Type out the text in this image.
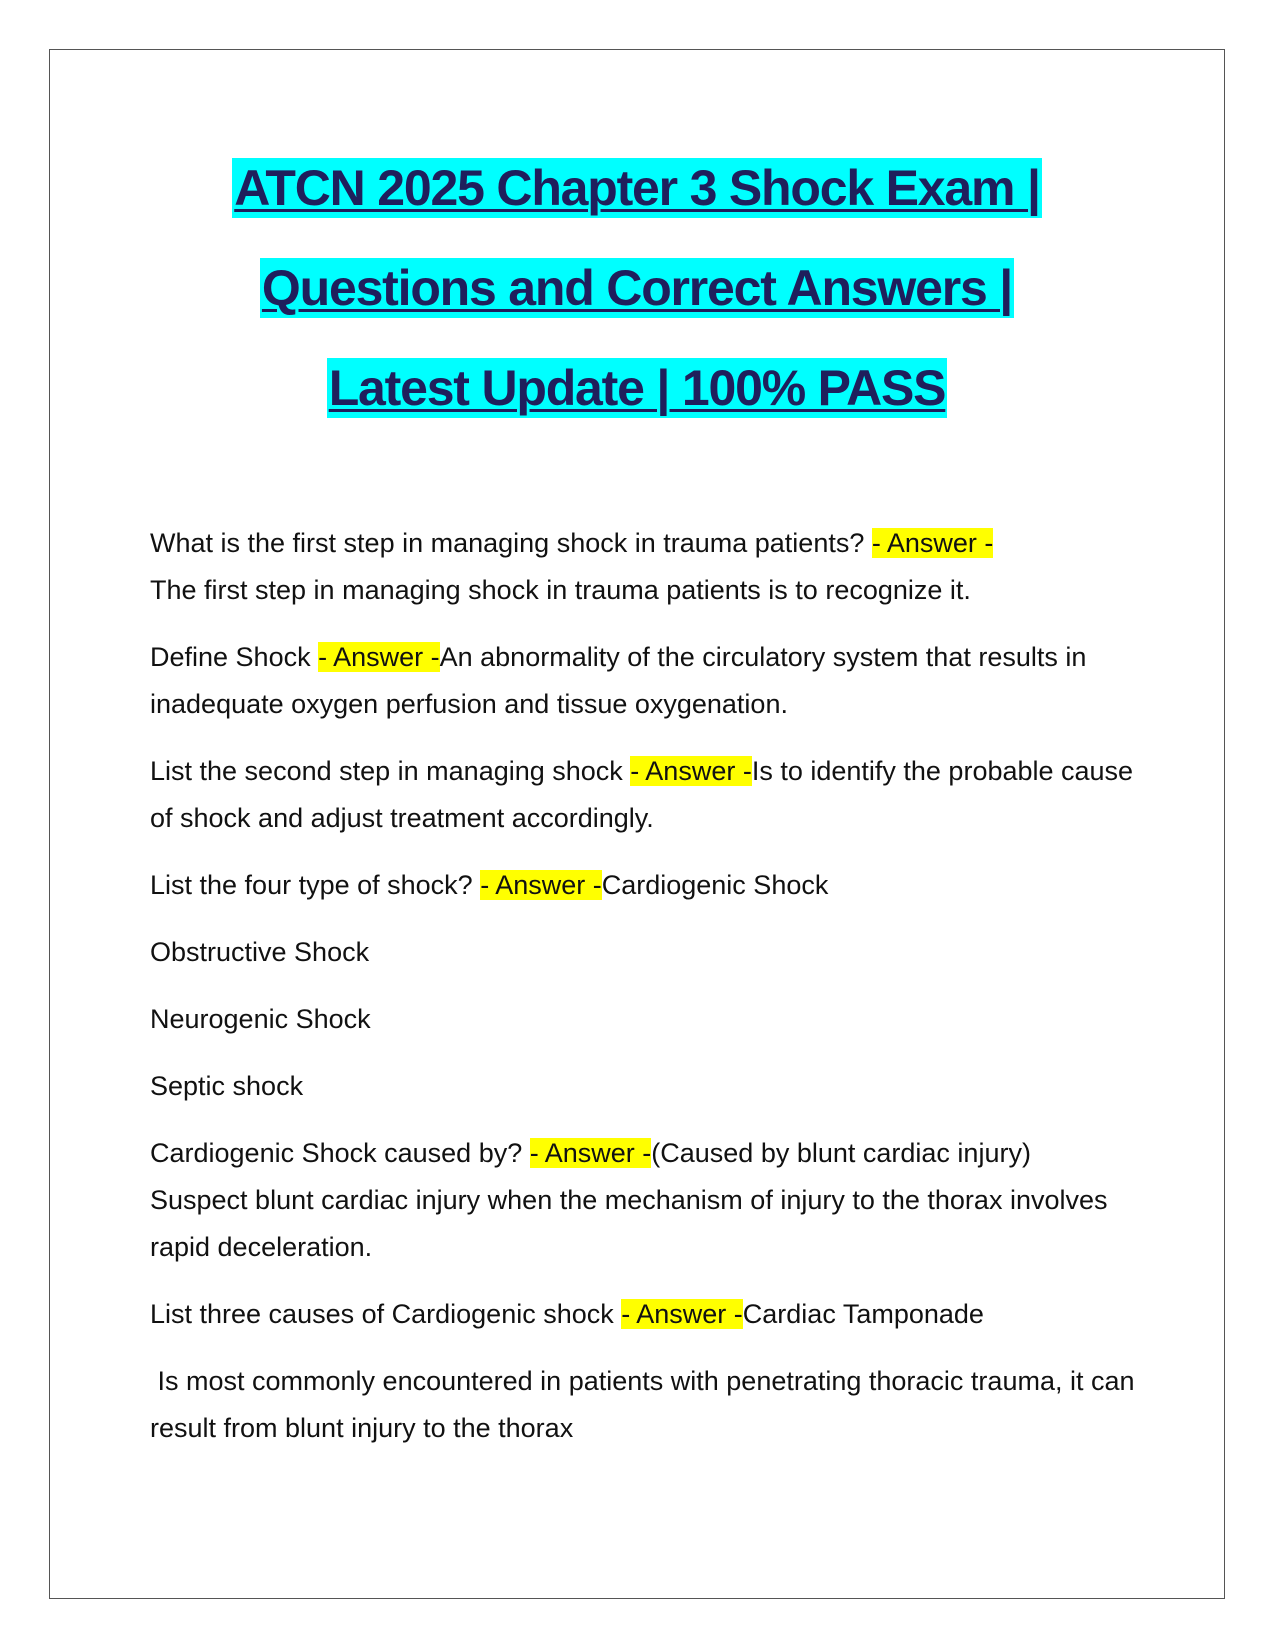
ATCN 2025 Chapter 3 Shock Exam |
Questions and Correct Answers |
Latest Update | 100% PASS

What is the first step in managing shock in trauma patients? - Answer -
The first step in managing shock in trauma patients is to recognize it.

Define Shock - Answer -An abnormality of the circulatory system that results in inadequate oxygen perfusion and tissue oxygenation.

List the second step in managing shock - Answer -Is to identify the probable cause of shock and adjust treatment accordingly.

List the four type of shock? - Answer -Cardiogenic Shock

Obstructive Shock

Neurogenic Shock

Septic shock

Cardiogenic Shock caused by? - Answer -(Caused by blunt cardiac injury)
Suspect blunt cardiac injury when the mechanism of injury to the thorax involves rapid deceleration.

List three causes of Cardiogenic shock - Answer -Cardiac Tamponade

Is most commonly encountered in patients with penetrating thoracic trauma, it can result from blunt injury to the thorax
